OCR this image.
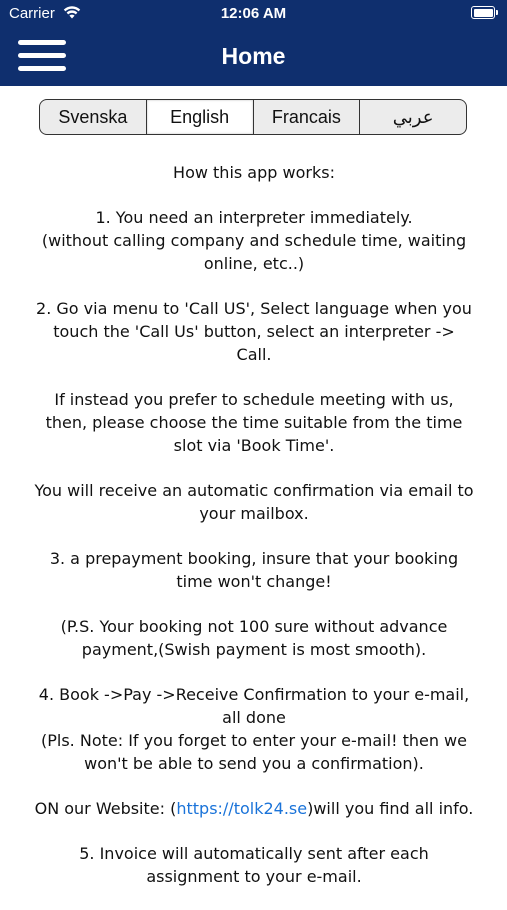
Carrier	12:06 AM
Home
Svenska	English	Francais	عربي

How this app works:

1. You need an interpreter immediately.
(without calling company and schedule time, waiting online, etc..)

2. Go via menu to 'Call US', Select language when you touch the 'Call Us' button, select an interpreter -> Call.

If instead you prefer to schedule meeting with us, then, please choose the time suitable from the time slot via 'Book Time'.

You will receive an automatic confirmation via email to your mailbox.

3. a prepayment booking, insure that your booking time won't change!

(P.S. Your booking not 100 sure without advance payment,(Swish payment is most smooth).

4. Book ->Pay ->Receive Confirmation to your e-mail, all done
(Pls. Note: If you forget to enter your e-mail! then we won't be able to send you a confirmation).

ON our Website: (https://tolk24.se)will you find all info.

5. Invoice will automatically sent after each assignment to your e-mail.
